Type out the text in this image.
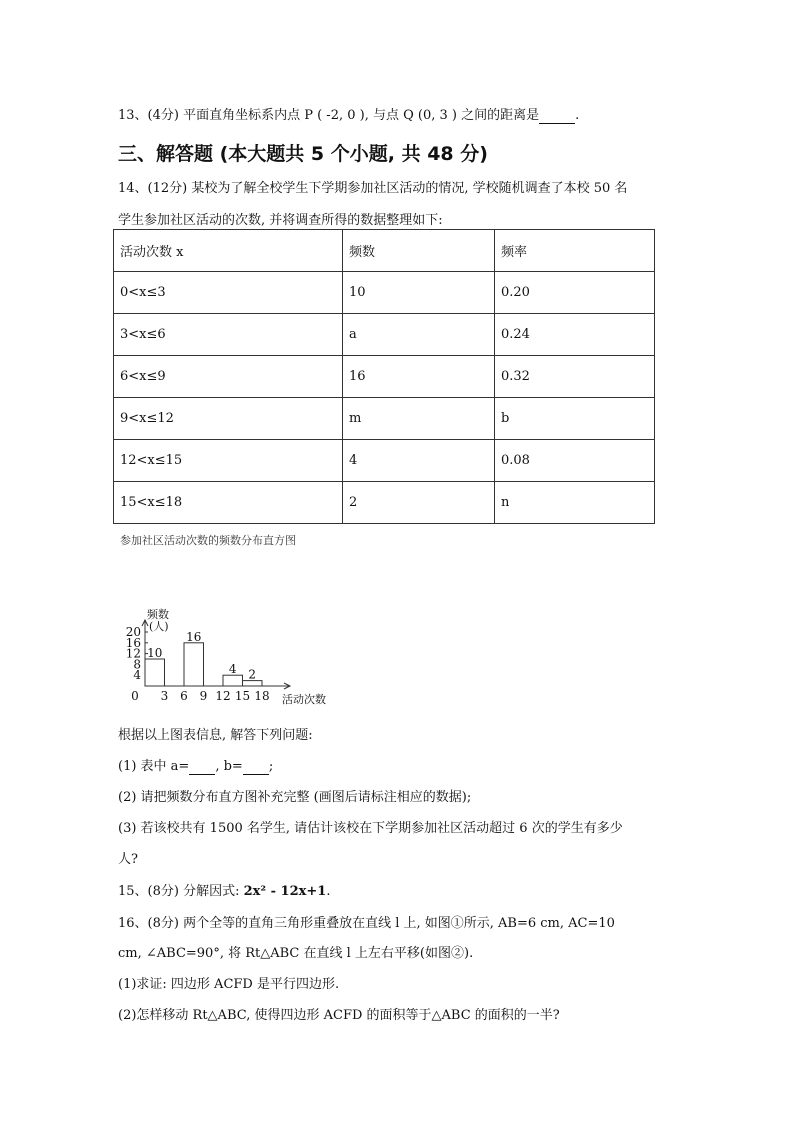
13、(4分) 平面直角坐标系内点 P ( -2, 0 ), 与点 Q (0, 3 ) 之间的距离是	.
三、解答题 (本大题共 5 个小题, 共 48 分)
14、(12分) 某校为了解全校学生下学期参加社区活动的情况, 学校随机调查了本校 50 名
学生参加社区活动的次数, 并将调查所得的数据整理如下:
活动次数 x	频数	频率
0<x≤3	10	0.20
3<x≤6	a	0.24
6<x≤9	16	0.32
9<x≤12	m	b
12<x≤15	4	0.08
15<x≤18	2	n
参加社区活动次数的频数分布直方图
4
8
12
16
20
0 3 6 9 12 15 18
频数
(人)
活动次数
10
16
4 2
根据以上图表信息, 解答下列问题:
(1) 表中 a= , b= ;
(2) 请把频数分布直方图补充完整 (画图后请标注相应的数据);
(3) 若该校共有 1500 名学生, 请估计该校在下学期参加社区活动超过 6 次的学生有多少
人?
15、(8分) 分解因式: 2x² - 12x+1.
16、(8分) 两个全等的直角三角形重叠放在直线 l 上, 如图①所示, AB=6 cm, AC=10
cm, ∠ABC=90°, 将 Rt△ABC 在直线 l 上左右平移(如图②).
(1)求证: 四边形 ACFD 是平行四边形.
(2)怎样移动 Rt△ABC, 使得四边形 ACFD 的面积等于△ABC 的面积的一半?
